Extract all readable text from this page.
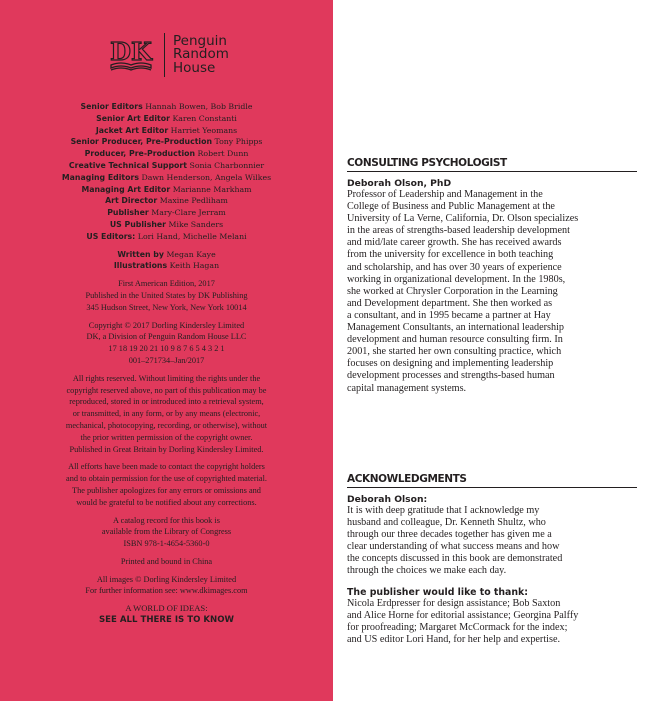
DK Penguin
Random
House
Senior Editors Hannah Bowen, Bob Bridle
Senior Art Editor Karen Constanti
Jacket Art Editor Harriet Yeomans
Senior Producer, Pre-Production Tony Phipps
Producer, Pre-Production Robert Dunn
Creative Technical Support Sonia Charbonnier
Managing Editors Dawn Henderson, Angela Wilkes
Managing Art Editor Marianne Markham
Art Director Maxine Pedliham
Publisher Mary-Clare Jerram
US Publisher Mike Sanders
US Editors: Lori Hand, Michelle Melani
Written by Megan Kaye
Illustrations Keith Hagan
First American Edition, 2017
Published in the United States by DK Publishing
345 Hudson Street, New York, New York 10014
Copyright © 2017 Dorling Kindersley Limited
DK, a Division of Penguin Random House LLC
17 18 19 20 21 10 9 8 7 6 5 4 3 2 1
001–271734–Jan/2017
All rights reserved. Without limiting the rights under the
copyright reserved above, no part of this publication may be
reproduced, stored in or introduced into a retrieval system,
or transmitted, in any form, or by any means (electronic,
mechanical, photocopying, recording, or otherwise), without
the prior written permission of the copyright owner.
Published in Great Britain by Dorling Kindersley Limited.
All efforts have been made to contact the copyright holders
and to obtain permission for the use of copyrighted material.
The publisher apologizes for any errors or omissions and
would be grateful to be notified about any corrections.
A catalog record for this book is
available from the Library of Congress
ISBN 978-1-4654-5360-0
Printed and bound in China
All images © Dorling Kindersley Limited
For further information see: www.dkimages.com
A WORLD OF IDEAS:
SEE ALL THERE IS TO KNOW
CONSULTING PSYCHOLOGIST
Deborah Olson, PhD
Professor of Leadership and Management in the
College of Business and Public Management at the
University of La Verne, California, Dr. Olson specializes
in the areas of strengths-based leadership development
and mid/late career growth. She has received awards
from the university for excellence in both teaching
and scholarship, and has over 30 years of experience
working in organizational development. In the 1980s,
she worked at Chrysler Corporation in the Learning
and Development department. She then worked as
a consultant, and in 1995 became a partner at Hay
Management Consultants, an international leadership
development and human resource consulting firm. In
2001, she started her own consulting practice, which
focuses on designing and implementing leadership
development processes and strengths-based human
capital management systems.
ACKNOWLEDGMENTS
Deborah Olson:
It is with deep gratitude that I acknowledge my
husband and colleague, Dr. Kenneth Shultz, who
through our three decades together has given me a
clear understanding of what success means and how
the concepts discussed in this book are demonstrated
through the choices we make each day.
The publisher would like to thank:
Nicola Erdpresser for design assistance; Bob Saxton
and Alice Horne for editorial assistance; Georgina Palffy
for proofreading; Margaret McCormack for the index;
and US editor Lori Hand, for her help and expertise.
